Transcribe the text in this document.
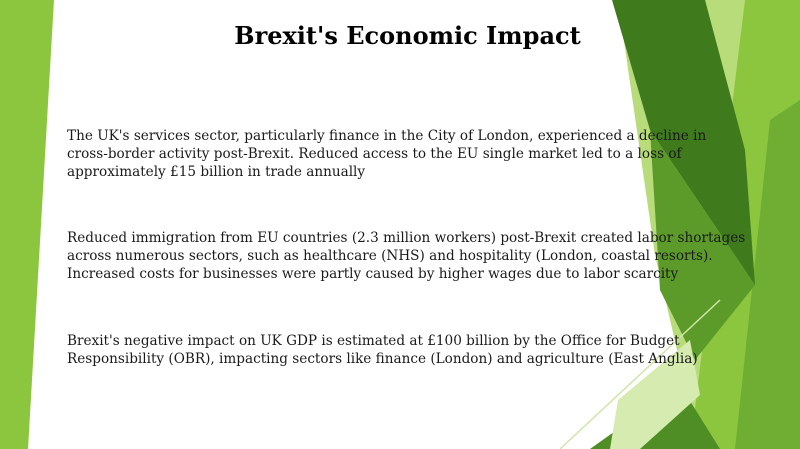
Brexit's Economic Impact

The UK's services sector, particularly finance in the City of London, experienced a decline in cross-border activity post-Brexit. Reduced access to the EU single market led to a loss of approximately £15 billion in trade annually

Reduced immigration from EU countries (2.3 million workers) post-Brexit created labor shortages across numerous sectors, such as healthcare (NHS) and hospitality (London, coastal resorts). Increased costs for businesses were partly caused by higher wages due to labor scarcity

Brexit's negative impact on UK GDP is estimated at £100 billion by the Office for Budget Responsibility (OBR), impacting sectors like finance (London) and agriculture (East Anglia)
